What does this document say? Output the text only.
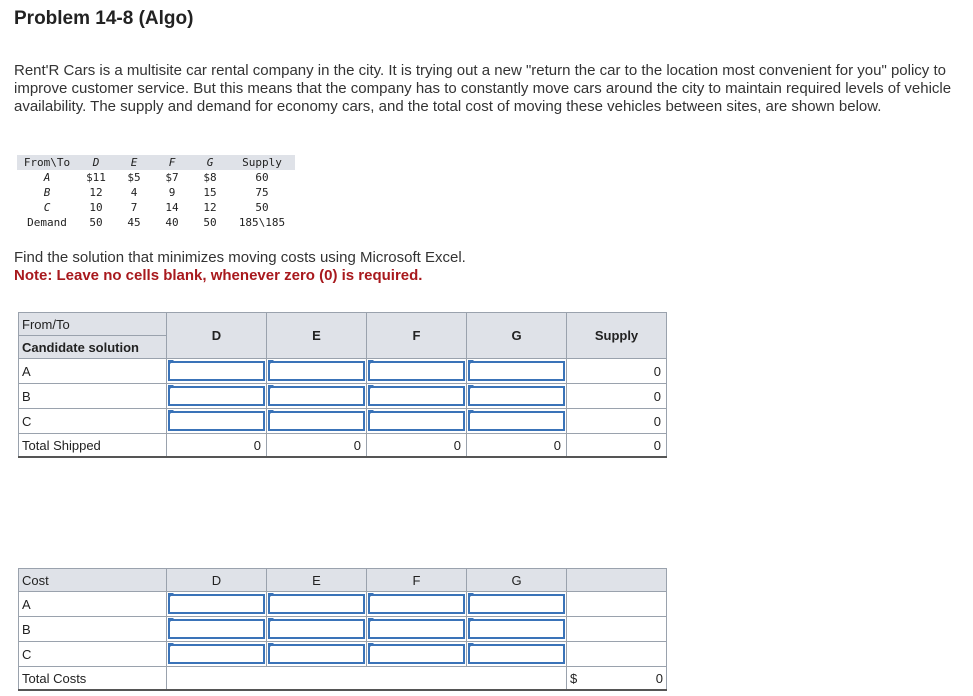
Problem 14-8 (Algo)
Rent'R Cars is a multisite car rental company in the city. It is trying out a new "return the car to the location most convenient for you" policy to improve customer service. But this means that the company has to constantly move cars around the city to maintain required levels of vehicle availability. The supply and demand for economy cars, and the total cost of moving these vehicles between sites, are shown below.
From\To	D	E	F	G	Supply
A	$11	$5	$7	$8	60
B	12	4	9	15	75
C	10	7	14	12	50
Demand	50	45	40	50	185\185
Find the solution that minimizes moving costs using Microsoft Excel.
Note: Leave no cells blank, whenever zero (0) is required.
From/To	D	E	F	G	Supply
Candidate solution					
A					0
B					0
C					0
Total Shipped	0	0	0	0	0
Cost	D	E	F	G	
A					
B					
C					
Total Costs					$ 0
